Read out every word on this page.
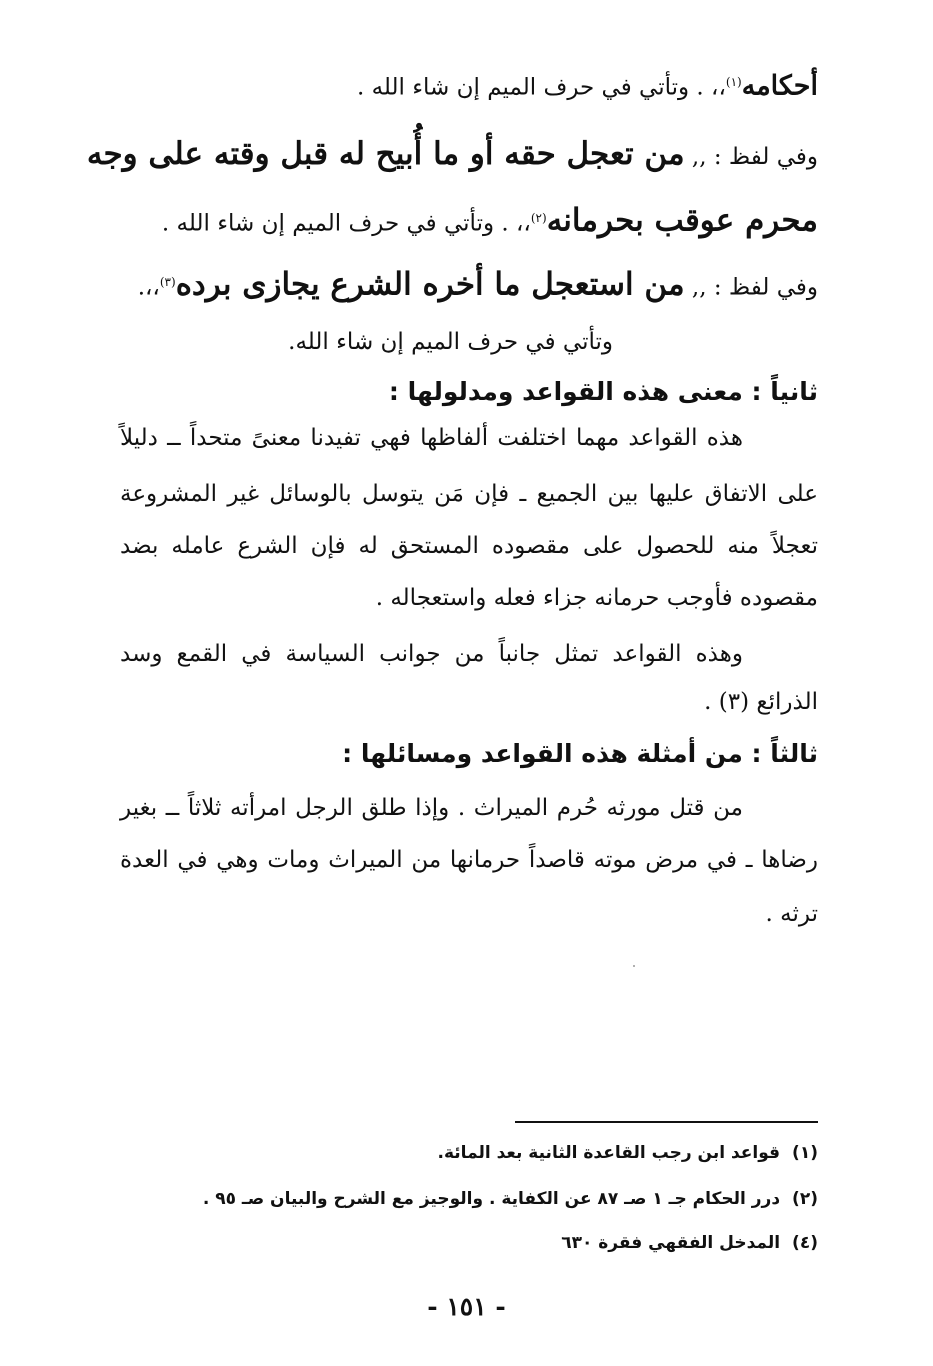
أحكامه$^{(١)}$،، . وتأتي في حرف الميم إن شاء الله .
وفي لفظ : ,, من تعجل حقه أو ما أُبيح له قبل وقته على وجه
محرم عوقب بحرمانه$^{(٢)}$،، . وتأتي في حرف الميم إن شاء الله .
وفي لفظ : ,, من استعجل ما أخره الشرع يجازى برده$^{(٣)}$،،.
وتأتي في حرف الميم إن شاء الله.
ثانياً : معنى هذه القواعد ومدلولها :
هذه القواعد مهما اختلفت ألفاظها فهي تفيدنا معنىً متحداً ــ دليلاً
على الاتفاق عليها بين الجميع ـ فإن مَن يتوسل بالوسائل غير المشروعة
تعجلاً منه للحصول على مقصوده المستحق له فإن الشرع عامله بضد
مقصوده فأوجب حرمانه جزاء فعله واستعجاله .
وهذه القواعد تمثل جانباً من جوانب السياسة في القمع وسد
الذرائع (٣) .
ثالثاً : من أمثلة هذه القواعد ومسائلها :
من قتل مورثه حُرم الميراث . وإذا طلق الرجل امرأته ثلاثاً ــ بغير
رضاها ـ في مرض موته قاصداً حرمانها من الميراث ومات وهي في العدة
ترثه .
(١)قواعد ابن رجب القاعدة الثانية بعد المائة.
(٢)درر الحكام جـ ١ صـ ٨٧ عن الكفاية . والوجيز مع الشرح والبيان صـ ٩٥ .
(٤)المدخل الفقهي فقرة ٦٣٠
- ١٥١ -
